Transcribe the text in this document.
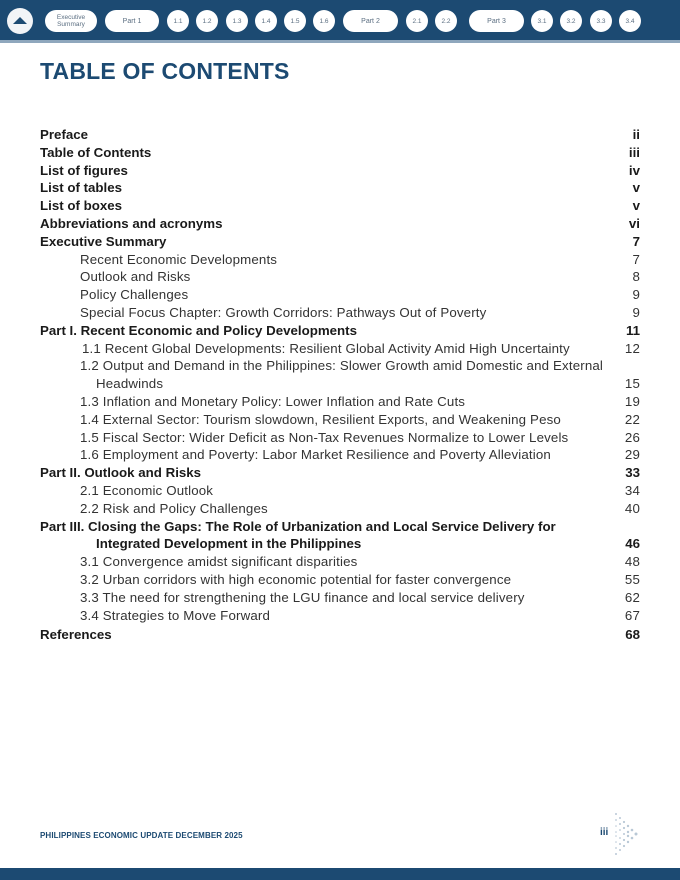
Executive Summary	Part 1	1.1	1.2	1.3	1.4	1.5	1.6	Part 2	2.1	2.2	Part 3	3.1	3.2	3.3	3.4
TABLE OF CONTENTS
Preface	ii
Table of Contents	iii
List of figures	iv
List of tables	v
List of boxes	v
Abbreviations and acronyms	vi
Executive Summary	7
Recent Economic Developments	7
Outlook and Risks	8
Policy Challenges	9
Special Focus Chapter: Growth Corridors: Pathways Out of Poverty	9
Part I. Recent Economic and Policy Developments	11
1.1 Recent Global Developments: Resilient Global Activity Amid High Uncertainty	12
1.2 Output and Demand in the Philippines: Slower Growth amid Domestic and External Headwinds	15
1.3 Inflation and Monetary Policy: Lower Inflation and Rate Cuts	19
1.4 External Sector: Tourism slowdown, Resilient Exports, and Weakening Peso	22
1.5 Fiscal Sector: Wider Deficit as Non-Tax Revenues Normalize to Lower Levels	26
1.6 Employment and Poverty: Labor Market Resilience and Poverty Alleviation	29
Part II. Outlook and Risks	33
2.1 Economic Outlook	34
2.2 Risk and Policy Challenges	40
Part III. Closing the Gaps: The Role of Urbanization and Local Service Delivery for Integrated Development in the Philippines	46
3.1 Convergence amidst significant disparities	48
3.2 Urban corridors with high economic potential for faster convergence	55
3.3 The need for strengthening the LGU finance and local service delivery	62
3.4 Strategies to Move Forward	67
References	68
PHILIPPINES ECONOMIC UPDATE DECEMBER 2025	iii
